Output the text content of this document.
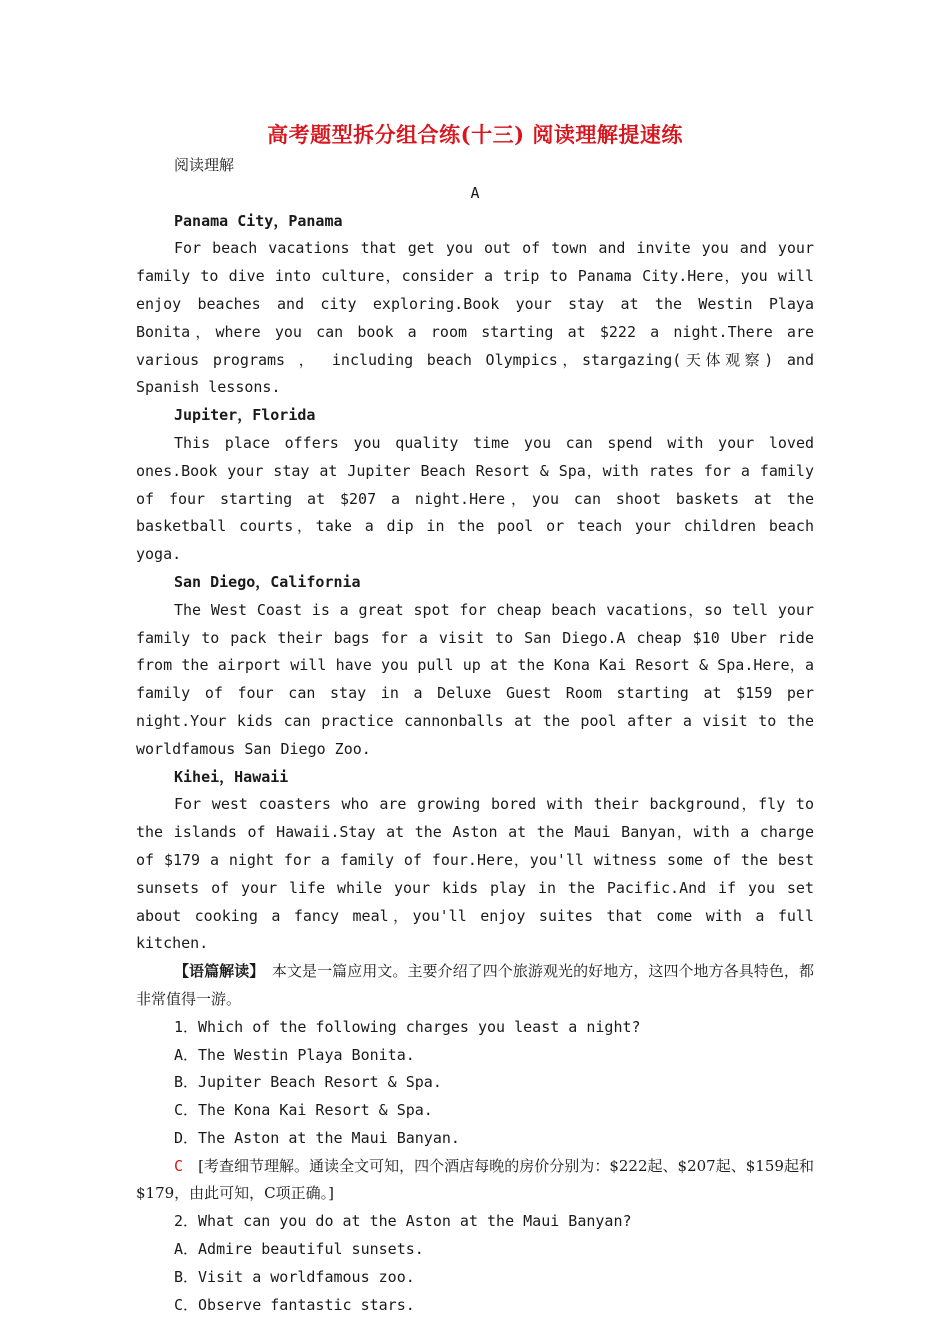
高考题型拆分组合练(十三) 阅读理解提速练

阅读理解

A

Panama City，Panama

For beach vacations that get you out of town and invite you and your family to dive into culture，consider a trip to Panama City.Here，you will enjoy beaches and city exploring.Book your stay at the Westin Playa Bonita，where you can book a room starting at $222 a night.There are various programs ， including beach Olympics，stargazing(天体观察) and Spanish lessons.

Jupiter，Florida

This place offers you quality time you can spend with your loved ones.Book your stay at Jupiter Beach Resort & Spa，with rates for a family of four starting at $207 a night.Here，you can shoot baskets at the basketball courts，take a dip in the pool or teach your children beach yoga.

San Diego，California

The West Coast is a great spot for cheap beach vacations，so tell your family to pack their bags for a visit to San Diego.A cheap $10 Uber ride from the airport will have you pull up at the Kona Kai Resort & Spa.Here，a family of four can stay in a Deluxe Guest Room starting at $159 per night.Your kids can practice cannonballs at the pool after a visit to the worldfamous San Diego Zoo.

Kihei，Hawaii

For west coasters who are growing bored with their background，fly to the islands of Hawaii.Stay at the Aston at the Maui Banyan，with a charge of $179 a night for a family of four.Here，you'll witness some of the best sunsets of your life while your kids play in the Pacific.And if you set about cooking a fancy meal，you'll enjoy suites that come with a full kitchen.

【语篇解读】　 本文是一篇应用文。主要介绍了四个旅游观光的好地方，这四个地方各具特色，都非常值得一游。

1．Which of the following charges you least a night?

A．The Westin Playa Bonita.

B．Jupiter Beach Resort & Spa.

C．The Kona Kai Resort & Spa.

D．The Aston at the Maui Banyan.

C　 [考查细节理解。通读全文可知，四个酒店每晚的房价分别为：$222起、$207起、$159起和$179，由此可知，C项正确。]

2．What can you do at the Aston at the Maui Banyan?

A．Admire beautiful sunsets.

B．Visit a worldfamous zoo.

C．Observe fantastic stars.
